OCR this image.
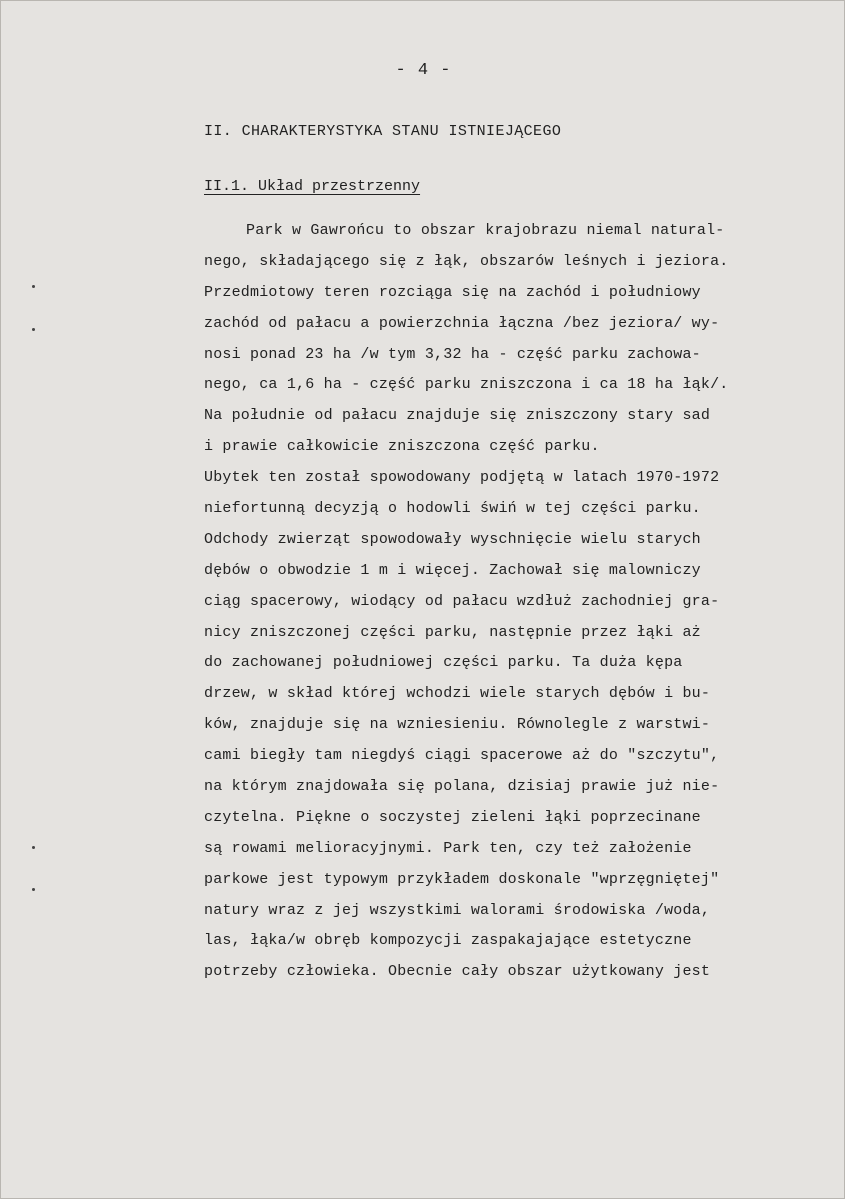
- 4 -
II. CHARAKTERYSTYKA STANU ISTNIEJĄCEGO
II.1. Układ przestrzenny
Park w Gawrońcu to obszar krajobrazu niemal natural-
nego, składającego się z łąk, obszarów leśnych i jeziora.
Przedmiotowy teren rozciąga się na zachód i południowy
zachód od pałacu a powierzchnia łączna /bez jeziora/ wy-
nosi ponad 23 ha /w tym 3,32 ha - część parku zachowa-
nego, ca 1,6 ha - część parku zniszczona i ca 18 ha łąk/.
Na południe od pałacu znajduje się zniszczony stary sad
i prawie całkowicie zniszczona część parku.
Ubytek ten został spowodowany podjętą w latach 1970-1972
niefortunną decyzją o hodowli świń w tej części parku.
Odchody zwierząt spowodowały wyschnięcie wielu starych
dębów o obwodzie 1 m i więcej. Zachował się malowniczy
ciąg spacerowy, wiodący od pałacu wzdłuż zachodniej gra-
nicy zniszczonej części parku, następnie przez łąki aż
do zachowanej południowej części parku. Ta duża kępa
drzew, w skład której wchodzi wiele starych dębów i bu-
ków, znajduje się na wzniesieniu. Równolegle z warstwi-
cami biegły tam niegdyś ciągi spacerowe aż do "szczytu",
na którym znajdowała się polana, dzisiaj prawie już nie-
czytelna. Piękne o soczystej zieleni łąki poprzecinane
są rowami melioracyjnymi. Park ten, czy też założenie
parkowe jest typowym przykładem doskonale "wprzęgniętej"
natury wraz z jej wszystkimi walorami środowiska /woda,
las, łąka/w obręb kompozycji zaspakajające estetyczne
potrzeby człowieka. Obecnie cały obszar użytkowany jest
